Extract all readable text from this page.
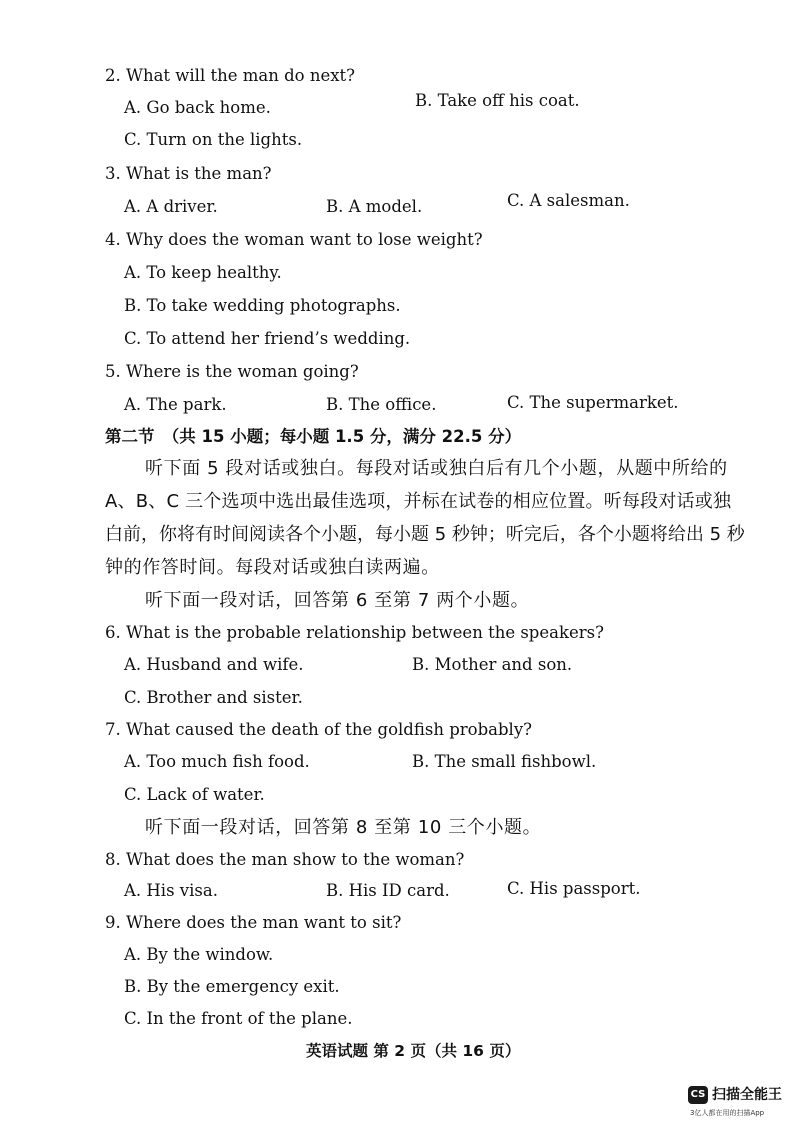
2. What will the man do next?
A. Go back home.	B. Take off his coat.
C. Turn on the lights.
3. What is the man?
A. A driver.	B. A model.	C. A salesman.
4. Why does the woman want to lose weight?
A. To keep healthy.
B. To take wedding photographs.
C. To attend her friend’s wedding.
5. Where is the woman going?
A. The park.	B. The office.	C. The supermarket.
第二节　（共 15 小题；每小题 1.5 分，满分 22.5 分）
听下面 5 段对话或独白。每段对话或独白后有几个小题，从题中所给的
A、B、C 三个选项中选出最佳选项，并标在试卷的相应位置。听每段对话或独
白前，你将有时间阅读各个小题，每小题 5 秒钟；听完后，各个小题将给出 5 秒
钟的作答时间。每段对话或独白读两遍。
听下面一段对话，回答第 6 至第 7 两个小题。
6. What is the probable relationship between the speakers?
A. Husband and wife.	B. Mother and son.
C. Brother and sister.
7. What caused the death of the goldfish probably?
A. Too much fish food.	B. The small fishbowl.
C. Lack of water.
听下面一段对话，回答第 8 至第 10 三个小题。
8. What does the man show to the woman?
A. His visa.	B. His ID card.	C. His passport.
9. Where does the man want to sit?
A. By the window.
B. By the emergency exit.
C. In the front of the plane.
英语试题 第 2 页（共 16 页）
CS 扫描全能王
3亿人都在用的扫描App
